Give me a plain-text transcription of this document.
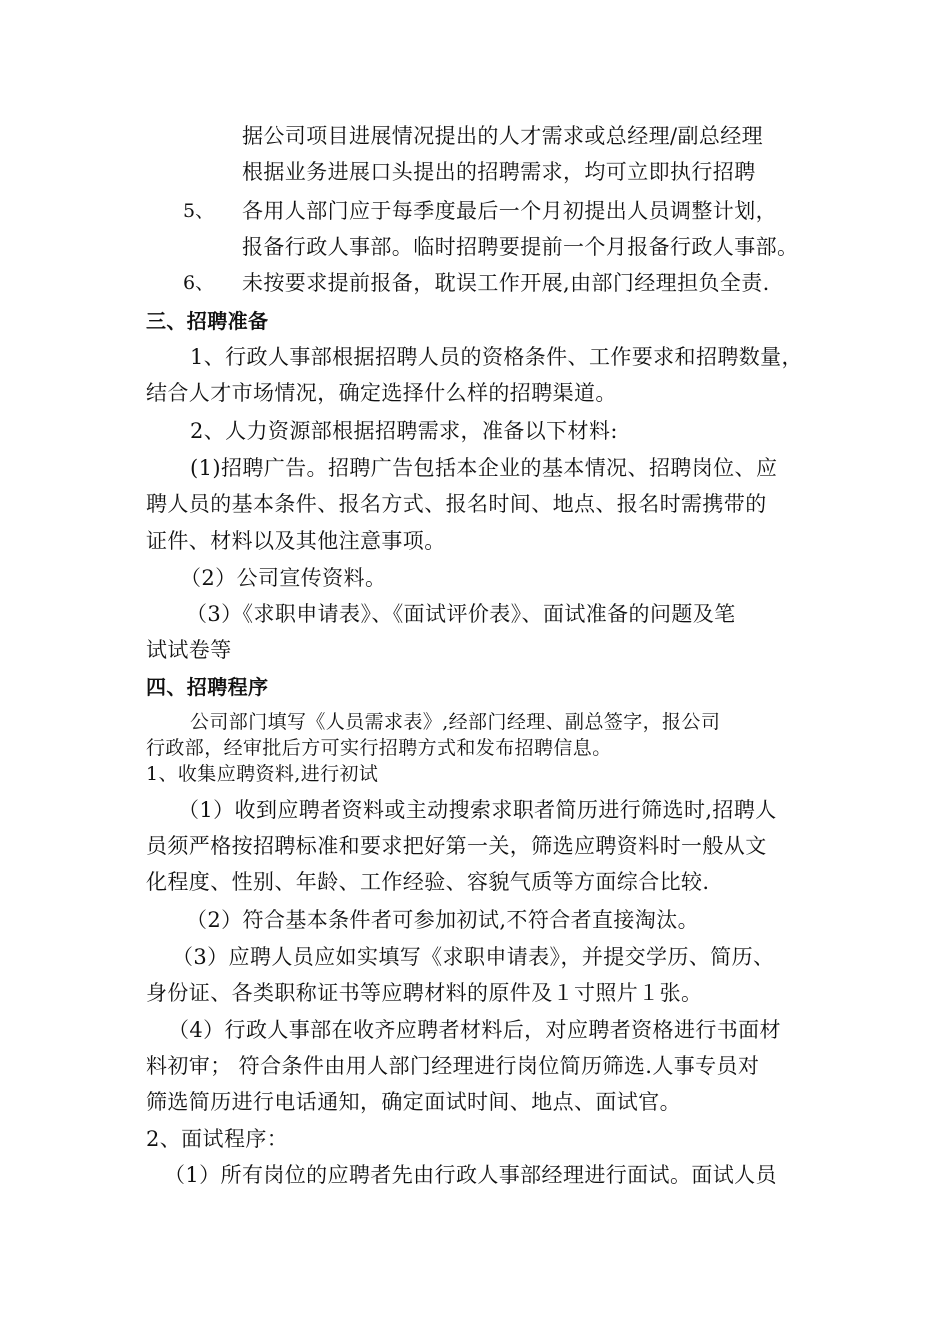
据公司项目进展情况提出的人才需求或总经理/副总经理
根据业务进展口头提出的招聘需求，均可立即执行招聘
5、 各用人部门应于每季度最后一个月初提出人员调整计划，
报备行政人事部。临时招聘要提前一个月报备行政人事部。
6、 未按要求提前报备，耽误工作开展,由部门经理担负全责.
三、招聘准备
1、行政人事部根据招聘人员的资格条件、工作要求和招聘数量，
结合人才市场情况，确定选择什么样的招聘渠道。
2、人力资源部根据招聘需求，准备以下材料:
(1)招聘广告。招聘广告包括本企业的基本情况、招聘岗位、应
聘人员的基本条件、报名方式、报名时间、地点、报名时需携带的
证件、材料以及其他注意事项。
（2）公司宣传资料。
（3）《求职申请表》、《面试评价表》、面试准备的问题及笔
试试卷等
四、招聘程序
公司部门填写《人员需求表》,经部门经理、副总签字，报公司
行政部，经审批后方可实行招聘方式和发布招聘信息。
1、收集应聘资料,进行初试
（1）收到应聘者资料或主动搜索求职者简历进行筛选时,招聘人
员须严格按招聘标准和要求把好第一关，筛选应聘资料时一般从文
化程度、性别、年龄、工作经验、容貌气质等方面综合比较.
（2）符合基本条件者可参加初试,不符合者直接淘汰。
（3）应聘人员应如实填写《求职申请表》，并提交学历、简历、
身份证、各类职称证书等应聘材料的原件及１寸照片１张。
（4）行政人事部在收齐应聘者材料后，对应聘者资格进行书面材
料初审； 符合条件由用人部门经理进行岗位简历筛选.人事专员对
筛选简历进行电话通知，确定面试时间、地点、面试官。
2、面试程序：
（1）所有岗位的应聘者先由行政人事部经理进行面试。面试人员
